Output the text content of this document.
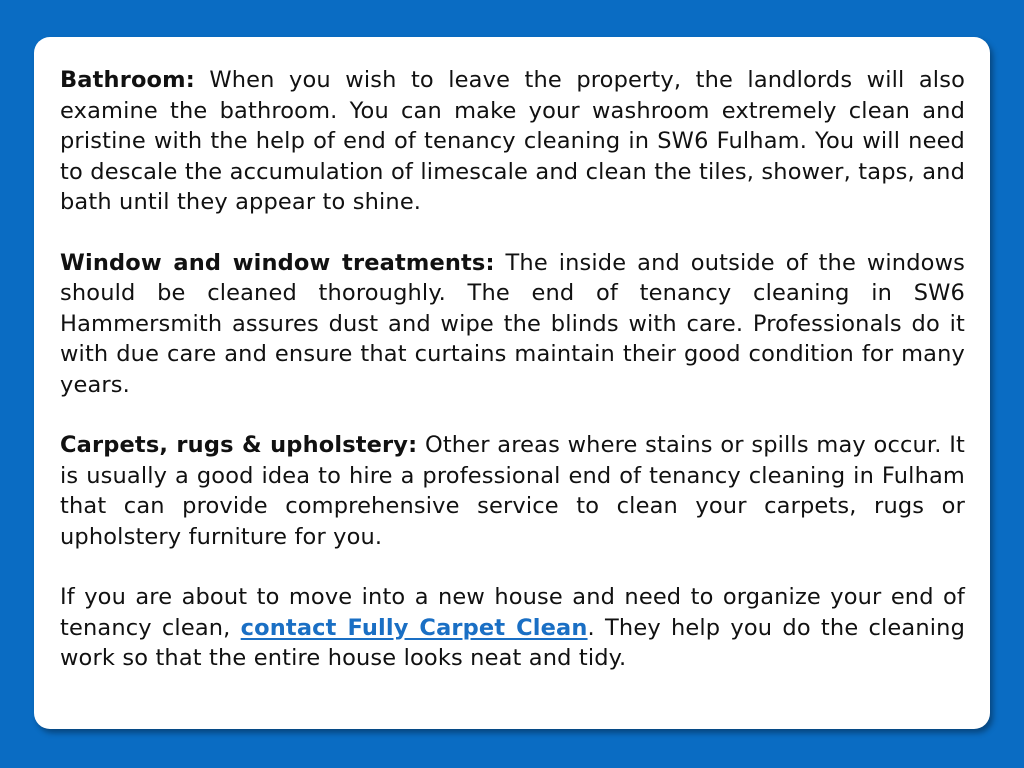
Bathroom: When you wish to leave the property, the landlords will also examine the bathroom. You can make your washroom extremely clean and pristine with the help of end of tenancy cleaning in SW6 Fulham. You will need to descale the accumulation of limescale and clean the tiles, shower, taps, and bath until they appear to shine.

Window and window treatments: The inside and outside of the windows should be cleaned thoroughly. The end of tenancy cleaning in SW6 Hammersmith assures dust and wipe the blinds with care. Professionals do it with due care and ensure that curtains maintain their good condition for many years.

Carpets, rugs & upholstery: Other areas where stains or spills may occur. It is usually a good idea to hire a professional end of tenancy cleaning in Fulham that can provide comprehensive service to clean your carpets, rugs or upholstery furniture for you.

If you are about to move into a new house and need to organize your end of tenancy clean, contact Fully Carpet Clean. They help you do the cleaning work so that the entire house looks neat and tidy.
